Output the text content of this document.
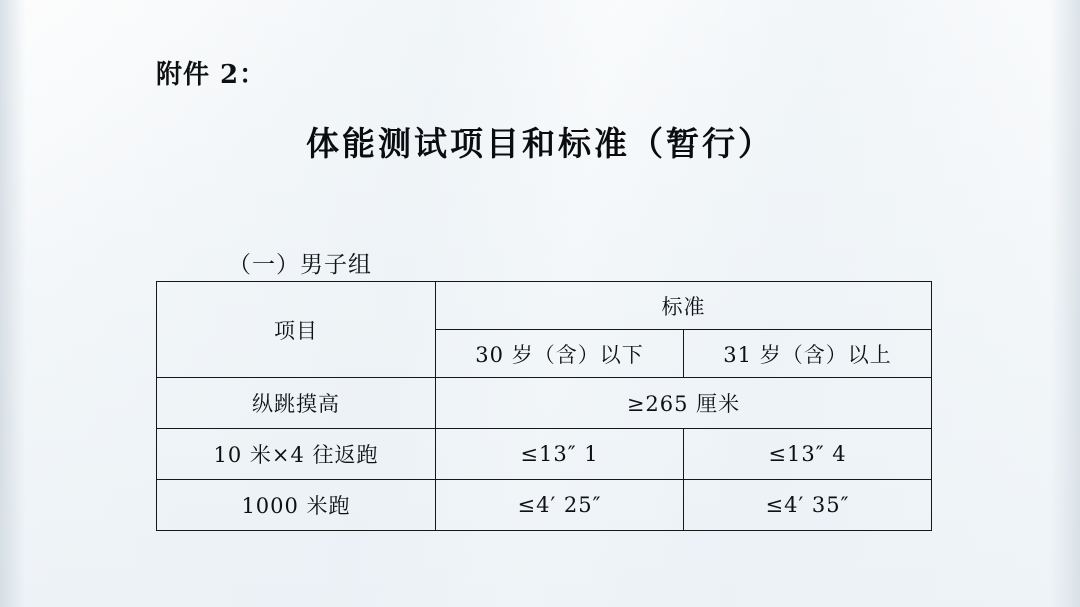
附件 2：
体能测试项目和标准（暂行）
（一）男子组
项目	标准	
	30 岁（含）以下	31 岁（含）以上
纵跳摸高	≥265 厘米	
10 米×4 往返跑	≤13″ 1	≤13″ 4
1000 米跑	≤4′ 25″	≤4′ 35″
